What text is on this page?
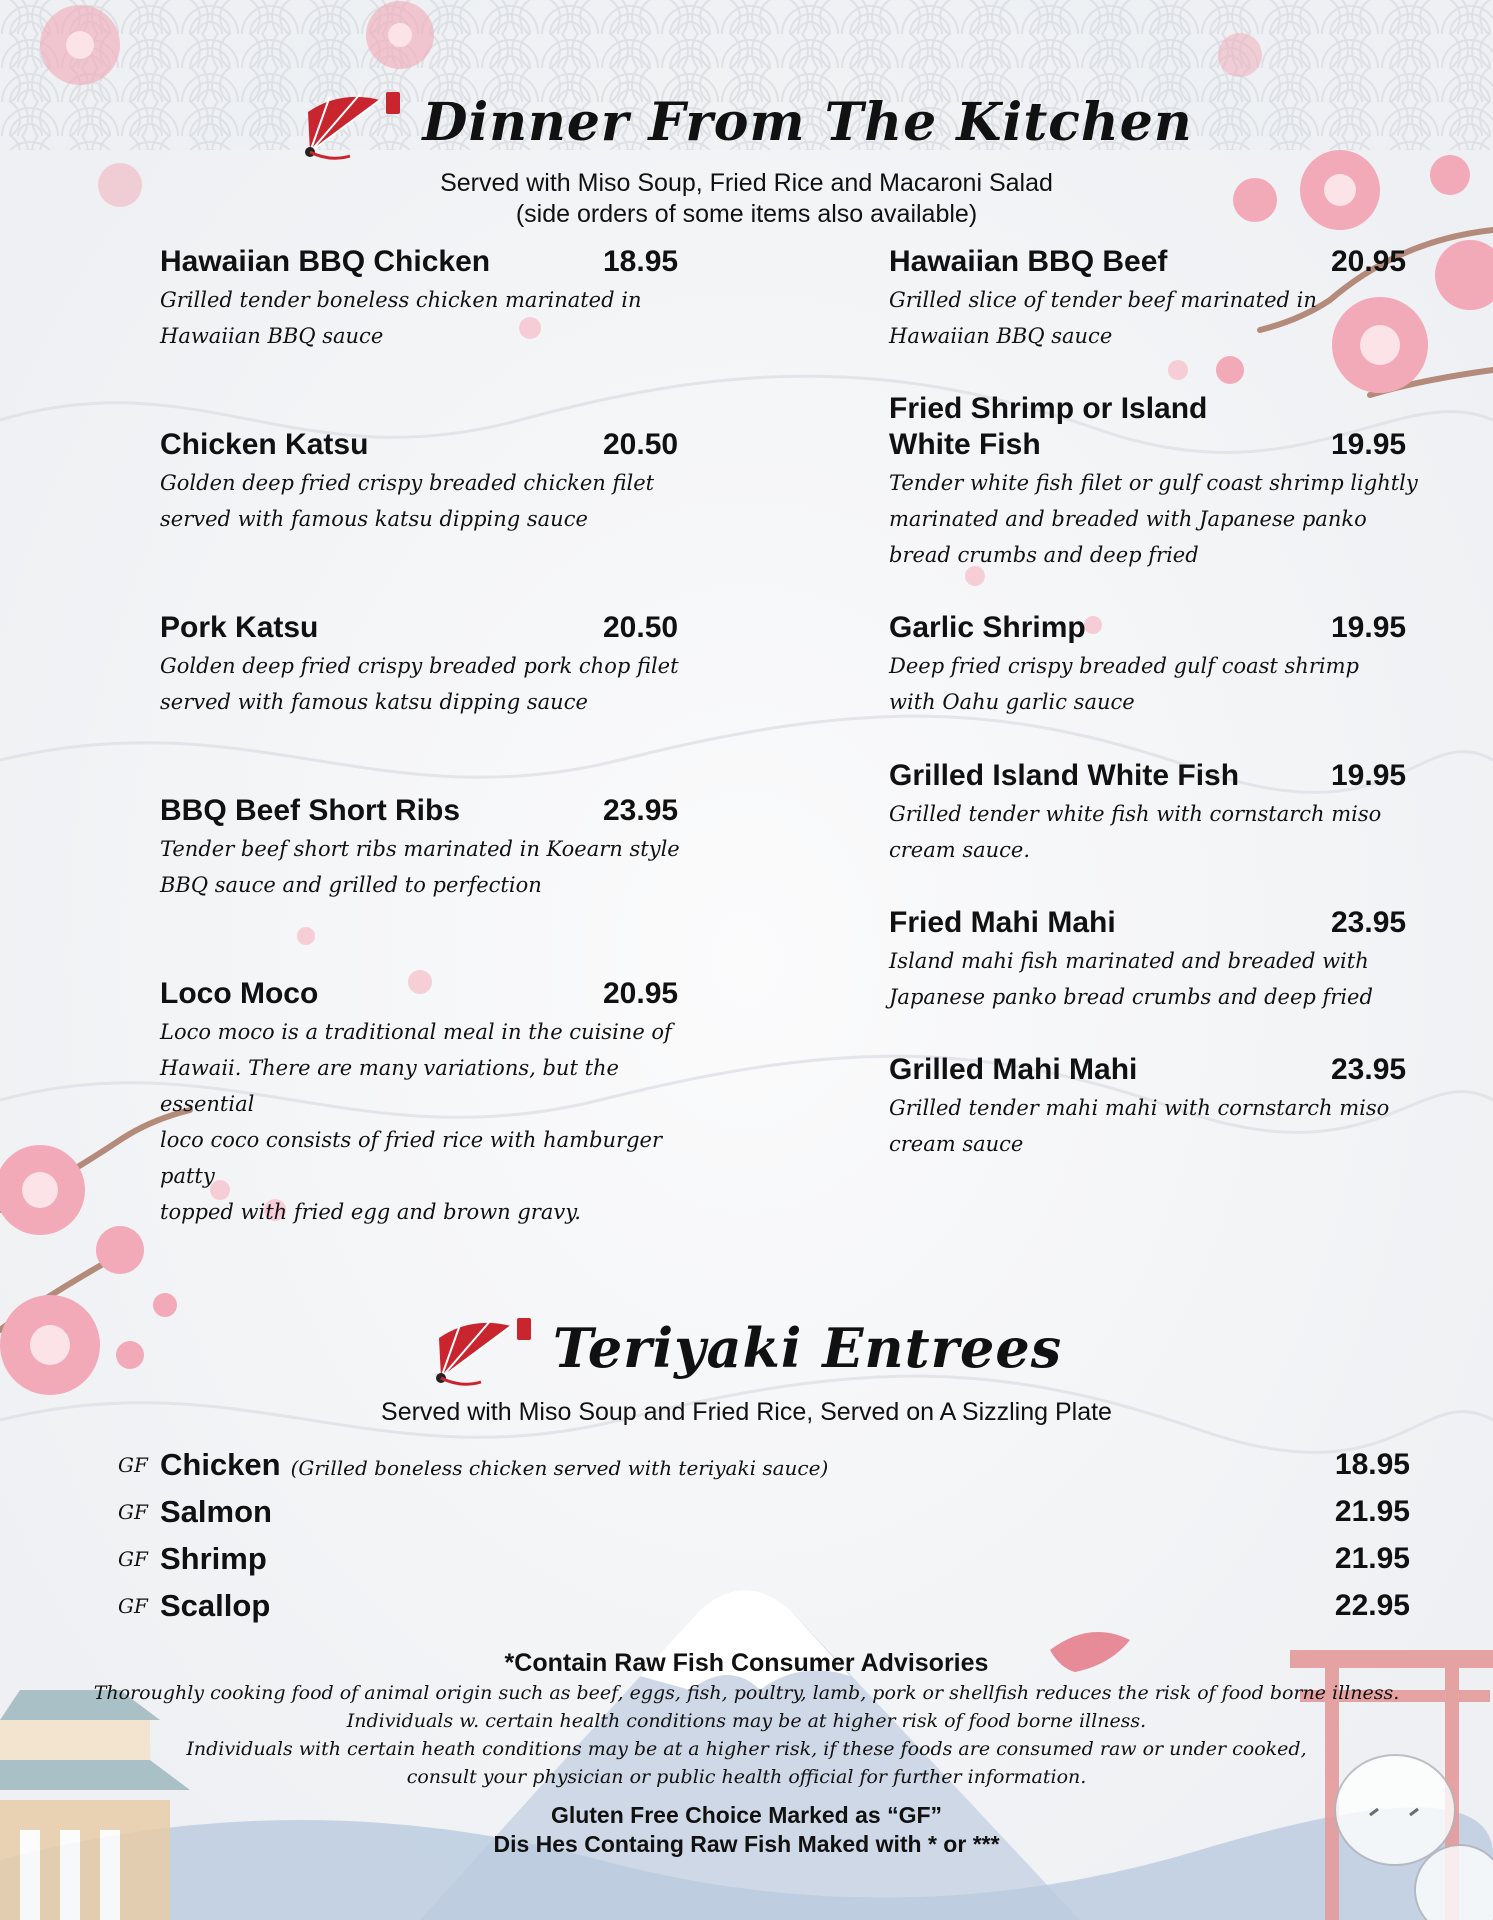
Dinner From The Kitchen
Served with Miso Soup, Fried Rice and Macaroni Salad
(side orders of some items also available)
Hawaiian BBQ Chicken	18.95
Grilled tender boneless chicken marinated in
Hawaiian BBQ sauce
Chicken Katsu	20.50
Golden deep fried crispy breaded chicken filet
served with famous katsu dipping sauce
Pork Katsu	20.50
Golden deep fried crispy breaded pork chop filet
served with famous katsu dipping sauce
BBQ Beef Short Ribs	23.95
Tender beef short ribs marinated in Koearn style
BBQ sauce and grilled to perfection
Loco Moco	20.95
Loco moco is a traditional meal in the cuisine of
Hawaii. There are many variations, but the essential
loco coco consists of fried rice with hamburger patty
topped with fried egg and brown gravy.
Hawaiian BBQ Beef	20.95
Grilled slice of tender beef marinated in
Hawaiian BBQ sauce
Fried Shrimp or Island
White Fish	19.95
Tender white fish filet or gulf coast shrimp lightly
marinated and breaded with Japanese panko
bread crumbs and deep fried
Garlic Shrimp	19.95
Deep fried crispy breaded gulf coast shrimp
with Oahu garlic sauce
Grilled Island White Fish	19.95
Grilled tender white fish with cornstarch miso
cream sauce.
Fried Mahi Mahi	23.95
Island mahi fish marinated and breaded with
Japanese panko bread crumbs and deep fried
Grilled Mahi Mahi	23.95
Grilled tender mahi mahi with cornstarch miso
cream sauce
Teriyaki Entrees
Served with Miso Soup and Fried Rice, Served on A Sizzling Plate
GF Chicken (Grilled boneless chicken served with teriyaki sauce)	18.95
GF Salmon	21.95
GF Shrimp	21.95
GF Scallop	22.95
*Contain Raw Fish Consumer Advisories
Thoroughly cooking food of animal origin such as beef, eggs, fish, poultry, lamb, pork or shellfish reduces the risk of food borne illness.
Individuals w. certain health conditions may be at higher risk of food borne illness.
Individuals with certain heath conditions may be at a higher risk, if these foods are consumed raw or under cooked,
consult your physician or public health official for further information.
Gluten Free Choice Marked as “GF”
Dis Hes Containg Raw Fish Maked with * or ***
